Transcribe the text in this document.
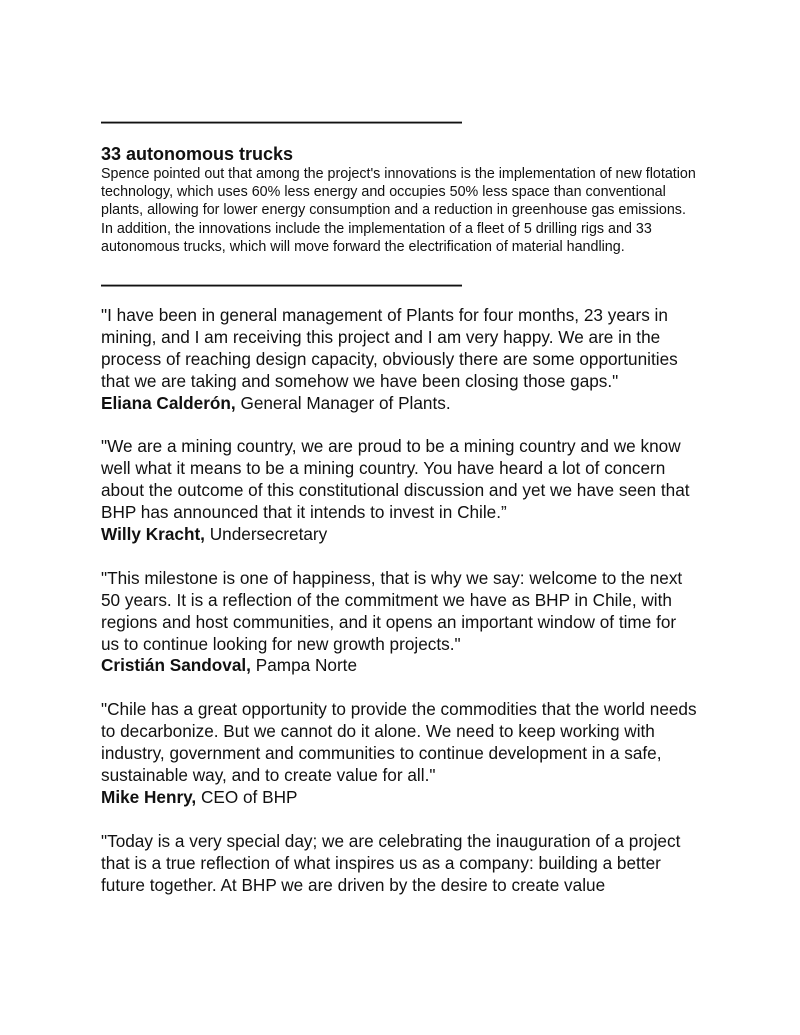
———————————————————
33 autonomous trucks

Spence pointed out that among the project's innovations is the implementation of new flotation technology, which uses 60% less energy and occupies 50% less space than conventional plants, allowing for lower energy consumption and a reduction in greenhouse gas emissions. In addition, the innovations include the implementation of a fleet of 5 drilling rigs and 33 autonomous trucks, which will move forward the electrification of material handling.

———————————————————

"I have been in general management of Plants for four months, 23 years in mining, and I am receiving this project and I am very happy. We are in the process of reaching design capacity, obviously there are some opportunities that we are taking and somehow we have been closing those gaps."

Eliana Calderón, General Manager of Plants.

"We are a mining country, we are proud to be a mining country and we know well what it means to be a mining country. You have heard a lot of concern about the outcome of this constitutional discussion and yet we have seen that BHP has announced that it intends to invest in Chile.”

Willy Kracht, Undersecretary

"This milestone is one of happiness, that is why we say: welcome to the next 50 years. It is a reflection of the commitment we have as BHP in Chile, with regions and host communities, and it opens an important window of time for us to continue looking for new growth projects."

Cristián Sandoval, Pampa Norte

"Chile has a great opportunity to provide the commodities that the world needs to decarbonize. But we cannot do it alone. We need to keep working with industry, government and communities to continue development in a safe, sustainable way, and to create value for all."

Mike Henry, CEO of BHP

"Today is a very special day; we are celebrating the inauguration of a project that is a true reflection of what inspires us as a company: building a better future together. At BHP we are driven by the desire to create value
